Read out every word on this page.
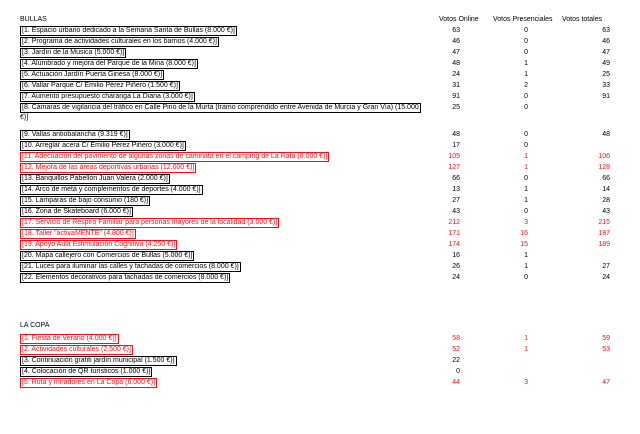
Votos Online Votos Presenciales Votos totales
BULLAS
[1. Espacio urbano dedicado a la Semana Santa de Bullas (8.000 €)]	63	0	63
[2. Programa de actividades culturales en los barrios (4.000 €)]	46	0	46
[3. Jardín de la Música (5.000 €)]	47	0	47
[4. Alumbrado y mejora del Parque de la Mina (8.000 €)]	48	1	49
[5. Actuación Jardín Puerta Ginesa (8.000 €)]	24	1	25
[6. Vallar Parque C/ Emilio Pérez Piñero (1.500 €)]	31	2	33
[7. Aumento presupuesto charanga La Diana (3.000 €)]	91	0	91
[8. Cámaras de vigilancia del tráfico en Calle Pino de la Murta (tramo comprendido entre Avenida de Murcia y Gran Vía) (15.000
€)]
25	0
[9. Vallas antiobalancha (9.319 €)]	48	0	48
[10. Arreglar acera C/ Emilio Pérez Piñero (3.000 €)]	17	0
[11. Adecuación del pavimento de algunas zonas de caminata en el camping de La Rafa (8.000 €)]	105	1	106
[12. Mejora de las áreas deportivas urbanas (12.000 €)]	127	1	128
[13. Banquillos Pabellón Juan Valera (2.000 €)]	66	0	66
[14. Arco de meta y complementos de deportes (4.000 €)]	13	1	14
[15. Lámparas de bajo consumo (180 €)]	27	1	28
[16. Zona de Skateboard (6.000 €)]	43	0	43
[17. Servicio de Respiro Familiar para personas mayores de la localidad (3.000 €)]	212	3	215
[18. Taller "activaMENTE" (4.800 €)]	171	16	187
[19. Apoyo Aula Estimulación Cognitiva (4.250 €)]	174	15	189
[20. Mapa callejero con Comercios de Bullas (5.000 €)]	16	1
[21. Luces para iluminar las calles y fachadas de comercios (8.000 €)]	26	1	27
[22. Elementos decorativos para fachadas de comercios (8.000 €)]	24	0	24
LA COPA
[1. Fiesta de Verano (4.000 €)]	58	1	59
[2. Actividades culturales (2.500 €)]	52	1	53
[3. Continuación grafiti jardín municipal (1.500 €)]	22
[4. Colocación de QR turísticos (1.000 €)]	0
[5. Ruta y miradores en La Copa (6.000 €)]	44	3	47
